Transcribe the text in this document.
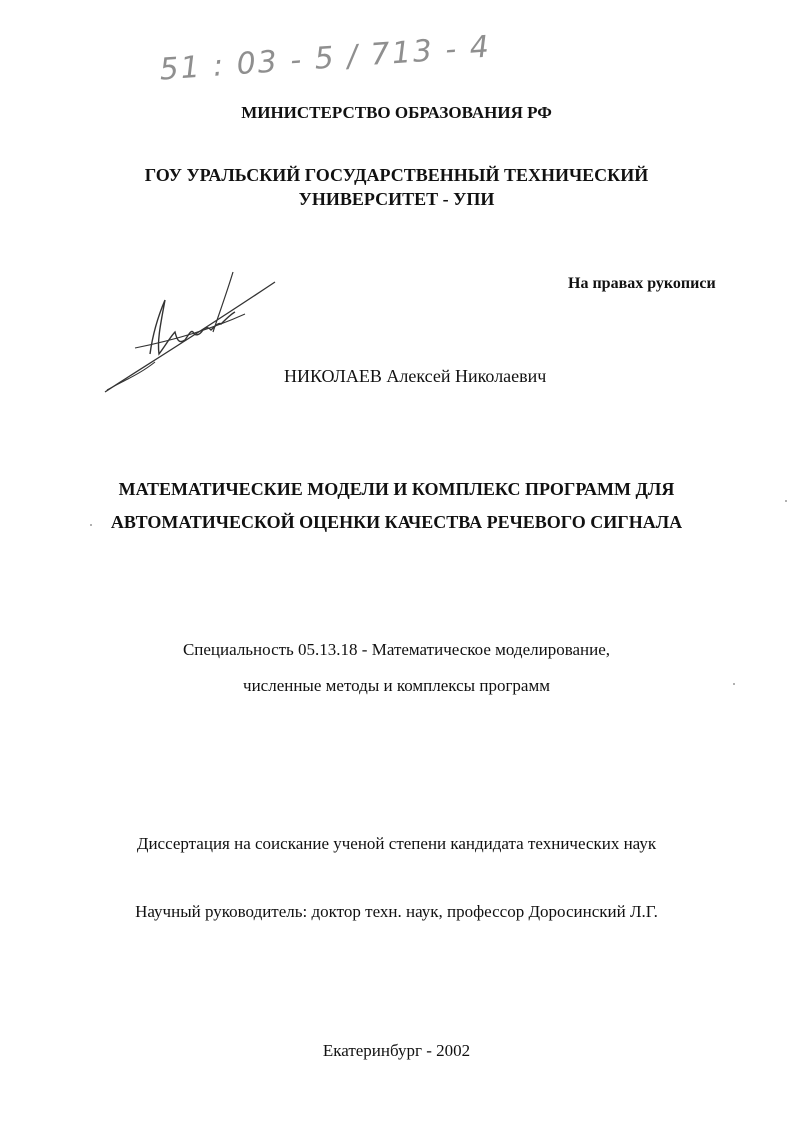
51 : 03 - 5 / 713 - 4
МИНИСТЕРСТВО ОБРАЗОВАНИЯ РФ
ГОУ УРАЛЬСКИЙ ГОСУДАРСТВЕННЫЙ ТЕХНИЧЕСКИЙ
УНИВЕРСИТЕТ - УПИ
На правах рукописи
НИКОЛАЕВ Алексей Николаевич
МАТЕМАТИЧЕСКИЕ МОДЕЛИ И КОМПЛЕКС ПРОГРАММ ДЛЯ
АВТОМАТИЧЕСКОЙ ОЦЕНКИ КАЧЕСТВА РЕЧЕВОГО СИГНАЛА
Специальность 05.13.18 - Математическое моделирование,
численные методы и комплексы программ
Диссертация на соискание ученой степени кандидата технических наук
Научный руководитель: доктор техн. наук, профессор Доросинский Л.Г.
Екатеринбург - 2002
